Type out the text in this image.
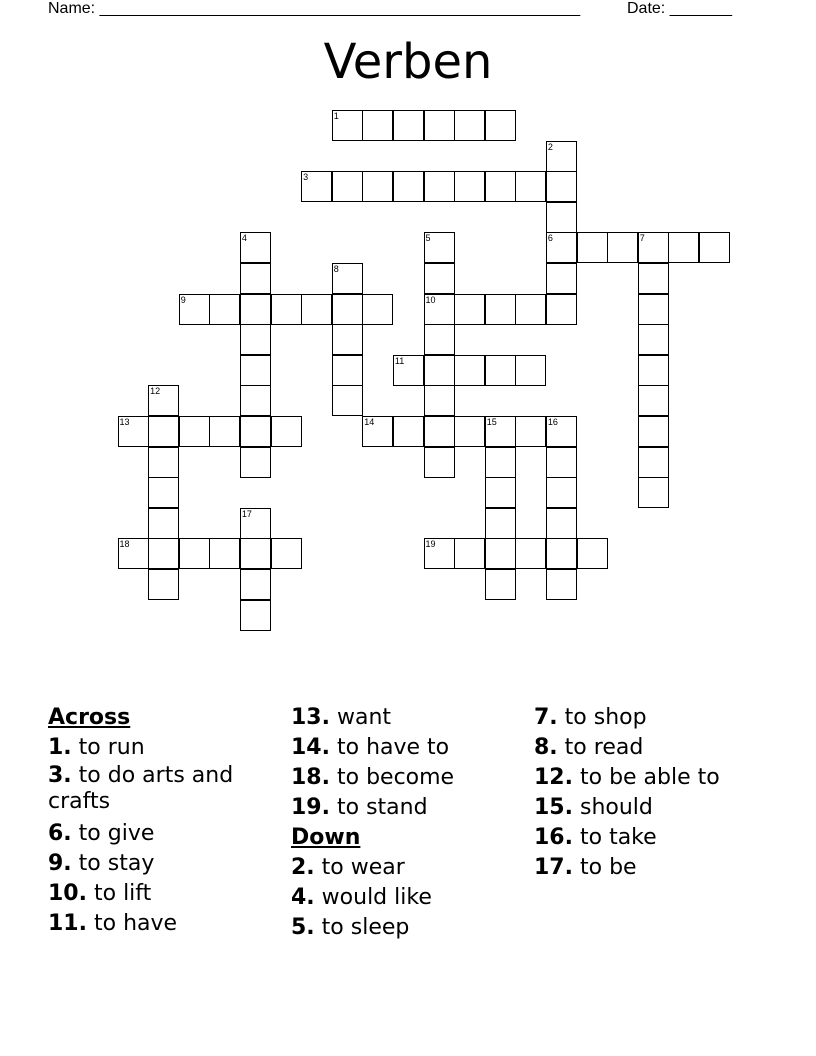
Name: ______________________________________________________	Date: _______
Verben
1
2
6
3
4	5
10
7
8
9
11
12
13	14	15	16
17
18	19
Across
1. to run
3. to do arts and crafts
6. to give
9. to stay
10. to lift
11. to have
13. want
14. to have to
18. to become
19. to stand
Down
2. to wear
4. would like
5. to sleep
7. to shop
8. to read
12. to be able to
15. should
16. to take
17. to be
